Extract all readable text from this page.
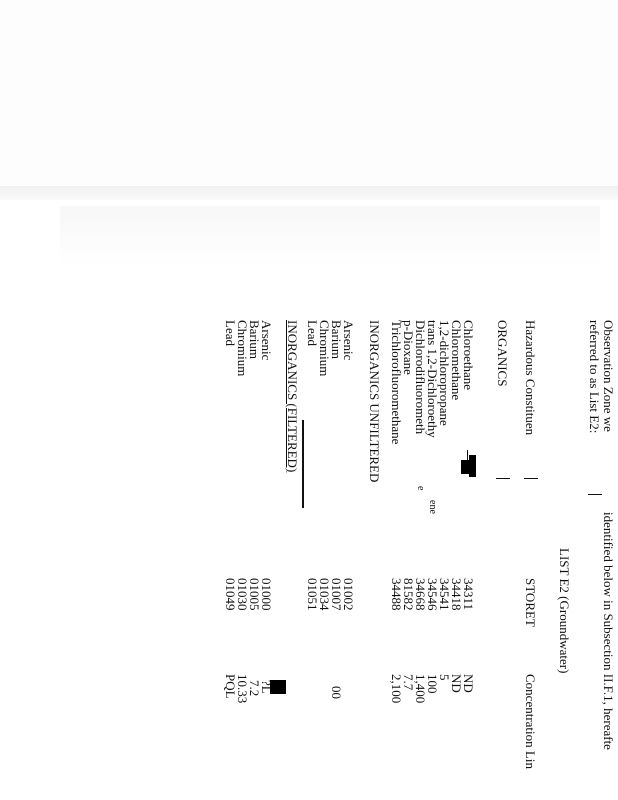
Observation Zone we
identified below in Subsection II.F.1, hereafte
referred to as List E2:
LIST E2 (Groundwater)
Hazardous Constituen
STORET
Concentration Lin
ORGANICS
Chloroethane
Chloromethane
1,2-dichloropropane
trans 1,2-Dichloroethy
Dichlorodifluorometh
p-Dioxane
Trichlorofluoromethane
ene
e
34311
34418
34541
34546
34668
81582
34488
ND
ND
5
100
1,400
7.7
2,100
INORGANICS UNFILTERED
Arsenic
Barium
Chromium
Lead
01002
01007
01034
01051
00
INORGANICS (FILTERED)
Arsenic
Barium
Chromium
Lead
01000
01005
01030
01049
?L
7.2
10.33
PQL
